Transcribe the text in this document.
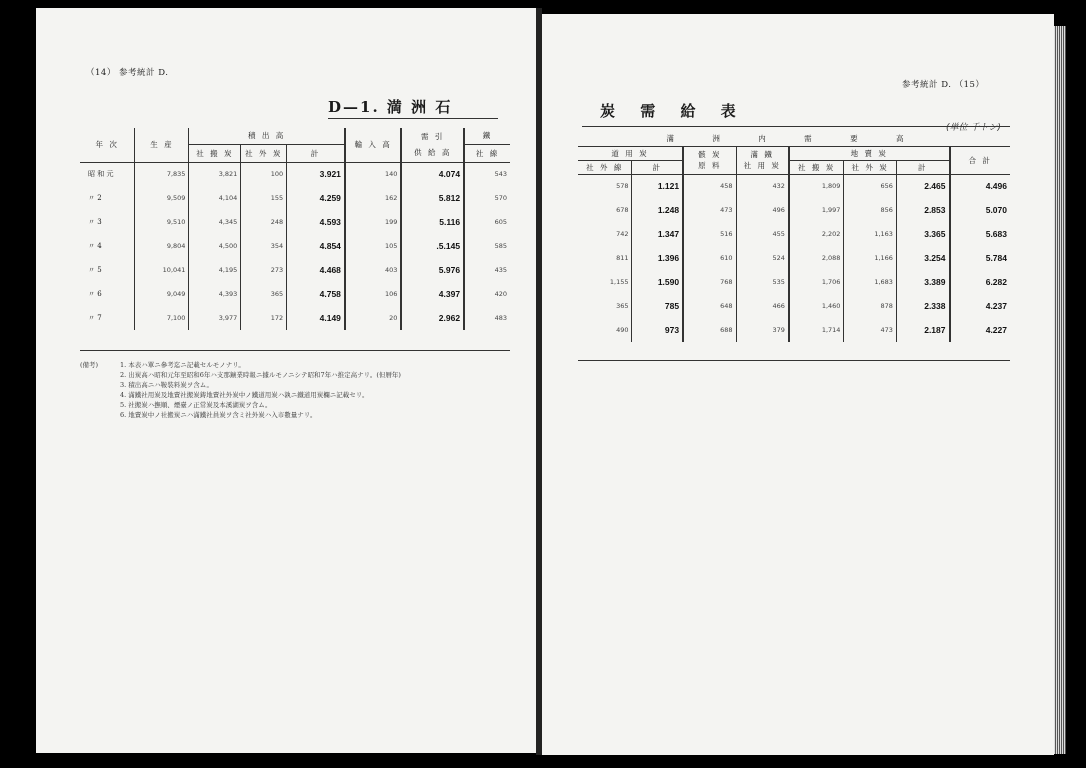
（14） 参考統計 D.
D—1. 満 洲 石
年 次	生 産	積 出 高			輸 入 高	需 引	鐵
		社 搬 炭	社 外 炭	計		供 給 高	社 線
昭 和 元	7,835	3,821	100	3.921	140	4.074	543
〃 2	9,509	4,104	155	4.259	162	5.812	570
〃 3	9,510	4,345	248	4.593	199	5.116	605
〃 4	9,804	4,500	354	4.854	105	.5.145	585
〃 5	10,041	4,195	273	4.468	403	5.976	435
〃 6	9,049	4,393	365	4.758	106	4.397	420
〃 7	7,100	3,977	172	4.149	20	2.962	483
(備考)	1. 本表ハ單ニ參考迄ニ記載セルモノナリ。
2. 出炭高ハ昭和元年至昭和6年ハ支那鑛業時報ニ據ルモノニシテ昭和7年ハ推定高ナリ。(但暦年)
3. 積出高ニハ鞍裝料炭ヲ含ム。
4. 滿鐵社用炭及地賣社搬炭鋳地賣社外炭中ノ鐵道用炭ハ孰ニ鐵道用炭欄ニ記載セリ。
5. 社搬炭ハ撫順、煙臺ノ正常炭及本溪湖炭ヲ含ム。
6. 地賣炭中ノ社搬炭ニハ滿鐵社員炭ヲ含ミ社外炭ハ入市數量ナリ。
参考統計 D. （15）
炭 需 給 表
(単位 千トン)
滿 洲 内 需 要 高							
道 用 炭		骸 炭
原 料	滿 鐵
社 用 炭	地 賣 炭			合 計
社 外 線	計			社 搬 炭	社 外 炭	計	
578	1.121	458	432	1,809	656	2.465	4.496
678	1.248	473	496	1,997	856	2.853	5.070
742	1.347	516	455	2,202	1,163	3.365	5.683
811	1.396	610	524	2,088	1,166	3.254	5.784
1,155	1.590	768	535	1,706	1,683	3.389	6.282
365	785	648	466	1,460	878	2.338	4.237
490	973	688	379	1,714	473	2.187	4.227
